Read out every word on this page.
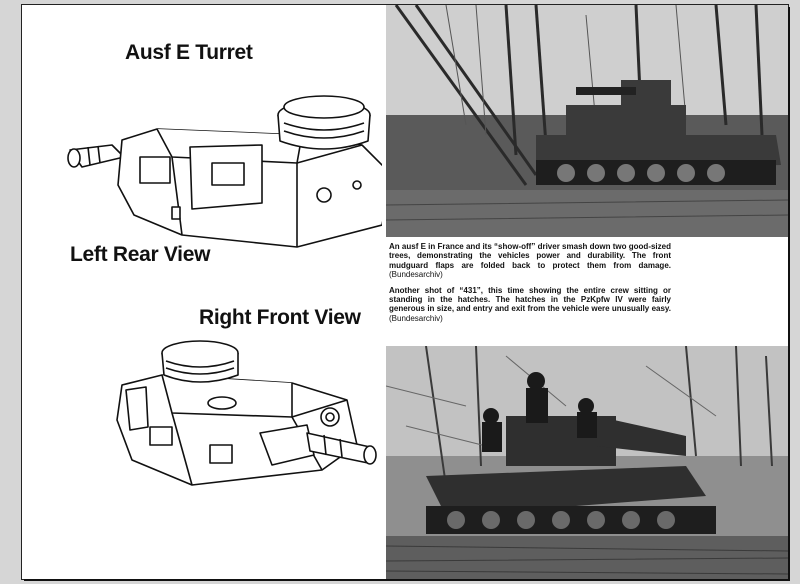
Ausf E Turret
Left Rear View
Right Front View

An ausf E in France and its “show-off” driver smash down two good-sized trees, demonstrating the vehicles power and durability. The front mudguard flaps are folded back to protect them from damage. (Bundesarchiv)

Another shot of “431”, this time showing the entire crew sitting or standing in the hatches. The hatches in the PzKpfw IV were fairly generous in size, and entry and exit from the vehicle were unusually easy. (Bundesarchiv)
